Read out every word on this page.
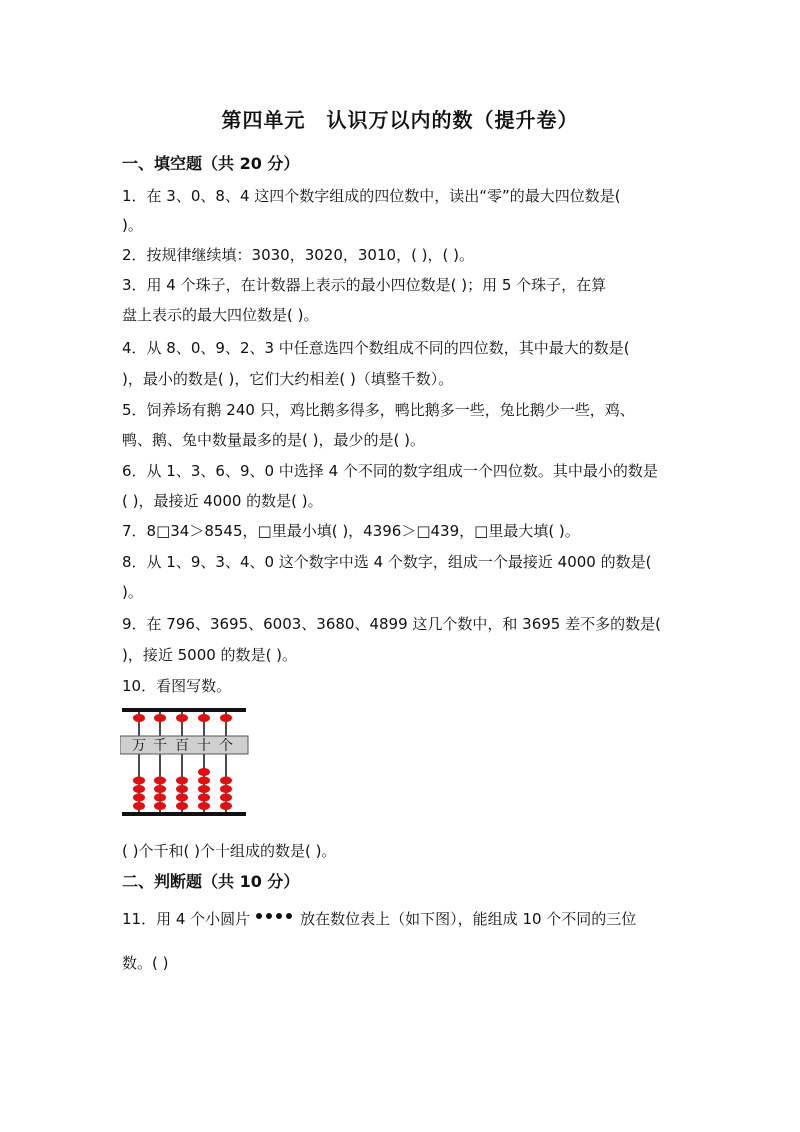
第四单元　认识万以内的数（提升卷）
一、填空题（共 20 分）
1．在 3、0、8、4 这四个数字组成的四位数中，读出“零”的最大四位数是(
)。
2．按规律继续填：3030，3020，3010，( )，( )。
3．用 4 个珠子，在计数器上表示的最小四位数是( )；用 5 个珠子，在算
盘上表示的最大四位数是( )。
4．从 8、0、9、2、3 中任意选四个数组成不同的四位数，其中最大的数是(
)，最小的数是( )，它们大约相差( )（填整千数）。
5．饲养场有鹅 240 只，鸡比鹅多得多，鸭比鹅多一些，兔比鹅少一些，鸡、
鸭、鹅、兔中数量最多的是( )，最少的是( )。
6．从 1、3、6、9、0 中选择 4 个不同的数字组成一个四位数。其中最小的数是
( )，最接近 4000 的数是( )。
7．8□34＞8545，□里最小填( )，4396＞□439，□里最大填( )。
8．从 1、9、3、4、0 这个数字中选 4 个数字，组成一个最接近 4000 的数是(
)。
9．在 796、3695、6003、3680、4899 这几个数中，和 3695 差不多的数是(
)，接近 5000 的数是( )。
10．看图写数。
万 千 百 十 个
( )个千和( )个十组成的数是( )。
二、判断题（共 10 分）
11．用 4 个小圆片	放在数位表上（如下图），能组成 10 个不同的三位
数。( )
